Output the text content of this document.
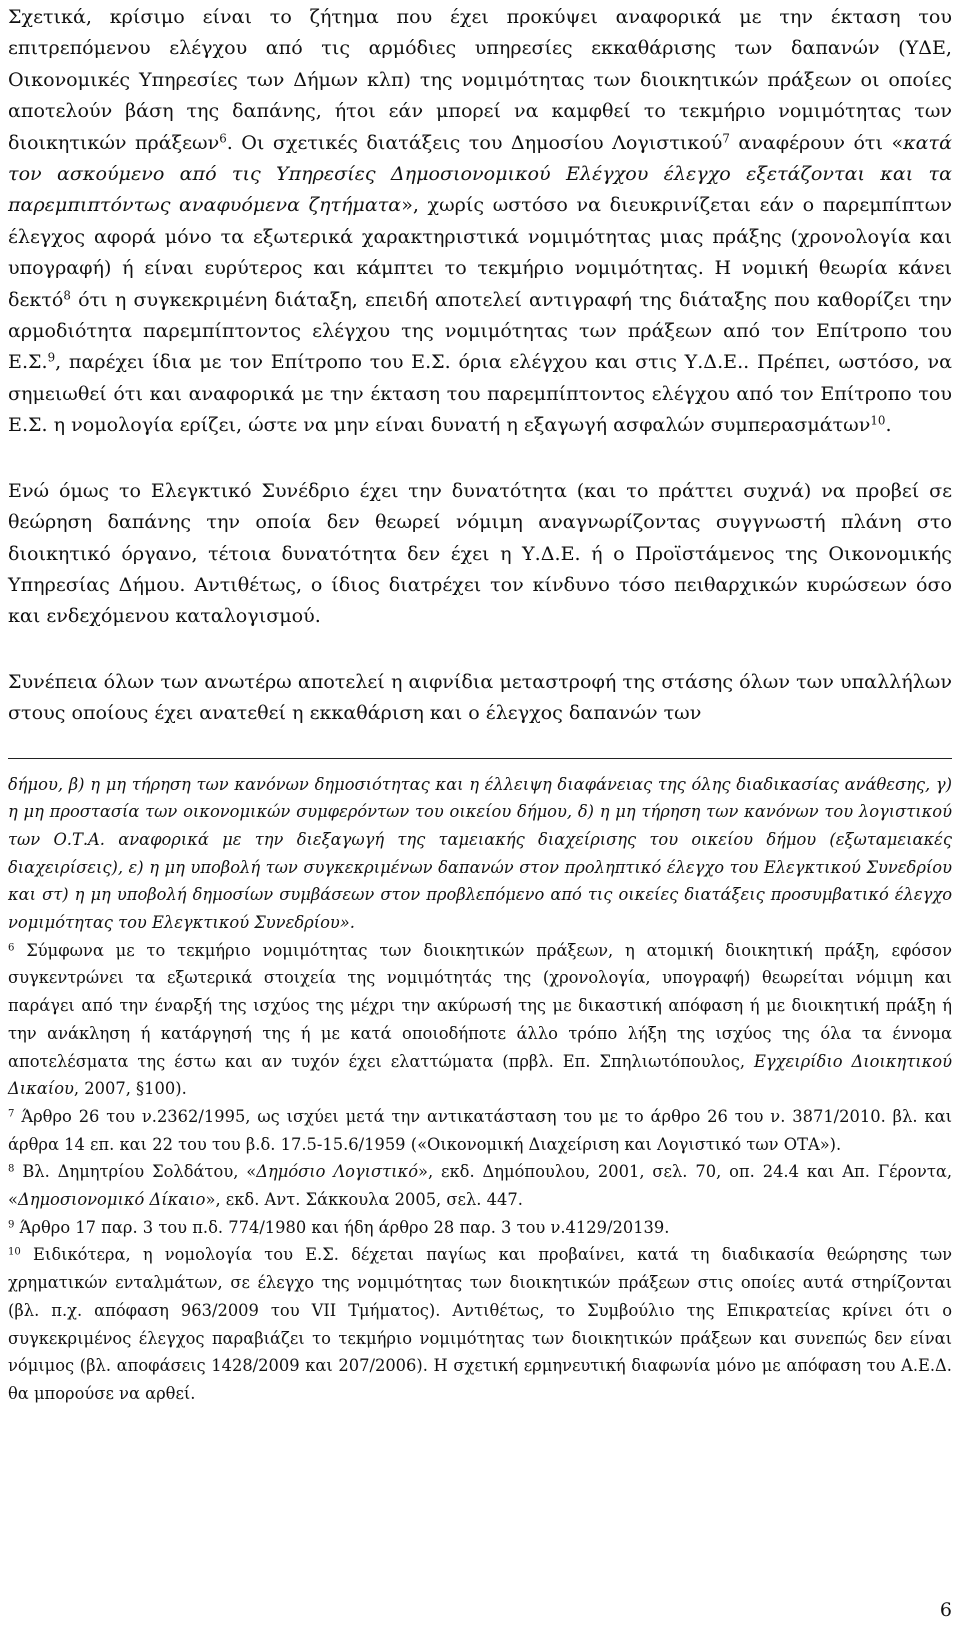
Σχετικά, κρίσιμο είναι το ζήτημα που έχει προκύψει αναφορικά με την έκταση του επιτρεπόμενου ελέγχου από τις αρμόδιες υπηρεσίες εκκαθάρισης των δαπανών (ΥΔΕ, Οικονομικές Υπηρεσίες των Δήμων κλπ) της νομιμότητας των διοικητικών πράξεων οι οποίες αποτελούν βάση της δαπάνης, ήτοι εάν μπορεί να καμφθεί το τεκμήριο νομιμότητας των διοικητικών πράξεων$^6$. Οι σχετικές διατάξεις του Δημοσίου Λογιστικού$^7$ αναφέρουν ότι «κατά τον ασκούμενο από τις Υπηρεσίες Δημοσιονομικού Ελέγχου έλεγχο εξετάζονται και τα παρεμπιπτόντως αναφυόμενα ζητήματα», χωρίς ωστόσο να διευκρινίζεται εάν ο παρεμπίπτων έλεγχος αφορά μόνο τα εξωτερικά χαρακτηριστικά νομιμότητας μιας πράξης (χρονολογία και υπογραφή) ή είναι ευρύτερος και κάμπτει το τεκμήριο νομιμότητας. Η νομική θεωρία κάνει δεκτό$^8$ ότι η συγκεκριμένη διάταξη, επειδή αποτελεί αντιγραφή της διάταξης που καθορίζει την αρμοδιότητα παρεμπίπτοντος ελέγχου της νομιμότητας των πράξεων από τον Επίτροπο του Ε.Σ.$^9$, παρέχει ίδια με τον Επίτροπο του Ε.Σ. όρια ελέγχου και στις Υ.Δ.Ε.. Πρέπει, ωστόσο, να σημειωθεί ότι και αναφορικά με την έκταση του παρεμπίπτοντος ελέγχου από τον Επίτροπο του Ε.Σ. η νομολογία ερίζει, ώστε να μην είναι δυνατή η εξαγωγή ασφαλών συμπερασμάτων$^{10}$.

Ενώ όμως το Ελεγκτικό Συνέδριο έχει την δυνατότητα (και το πράττει συχνά) να προβεί σε θεώρηση δαπάνης την οποία δεν θεωρεί νόμιμη αναγνωρίζοντας συγγνωστή πλάνη στο διοικητικό όργανο, τέτοια δυνατότητα δεν έχει η Υ.Δ.Ε. ή ο Προϊστάμενος της Οικονομικής Υπηρεσίας Δήμου. Αντιθέτως, ο ίδιος διατρέχει τον κίνδυνο τόσο πειθαρχικών κυρώσεων όσο και ενδεχόμενου καταλογισμού.

Συνέπεια όλων των ανωτέρω αποτελεί η αιφνίδια μεταστροφή της στάσης όλων των υπαλλήλων στους οποίους έχει ανατεθεί η εκκαθάριση και ο έλεγχος δαπανών των

δήμου, β) η μη τήρηση των κανόνων δημοσιότητας και η έλλειψη διαφάνειας της όλης διαδικασίας ανάθεσης, γ) η μη προστασία των οικονομικών συμφερόντων του οικείου δήμου, δ) η μη τήρηση των κανόνων του λογιστικού των Ο.Τ.Α. αναφορικά με την διεξαγωγή της ταμειακής διαχείρισης του οικείου δήμου (εξωταμειακές διαχειρίσεις), ε) η μη υποβολή των συγκεκριμένων δαπανών στον προληπτικό έλεγχο του Ελεγκτικού Συνεδρίου και στ) η μη υποβολή δημοσίων συμβάσεων στον προβλεπόμενο από τις οικείες διατάξεις προσυμβατικό έλεγχο νομιμότητας του Ελεγκτικού Συνεδρίου».

$^6$ Σύμφωνα με το τεκμήριο νομιμότητας των διοικητικών πράξεων, η ατομική διοικητική πράξη, εφόσον συγκεντρώνει τα εξωτερικά στοιχεία της νομιμότητάς της (χρονολογία, υπογραφή) θεωρείται νόμιμη και παράγει από την έναρξή της ισχύος της μέχρι την ακύρωσή της με δικαστική απόφαση ή με διοικητική πράξη ή την ανάκληση ή κατάργησή της ή με κατά οποιοδήποτε άλλο τρόπο λήξη της ισχύος της όλα τα έννομα αποτελέσματα της έστω και αν τυχόν έχει ελαττώματα (πρβλ. Επ. Σπηλιωτόπουλος, Εγχειρίδιο Διοικητικού Δικαίου, 2007, §100).

$^7$ Άρθρο 26 του ν.2362/1995, ως ισχύει μετά την αντικατάσταση του με το άρθρο 26 του ν. 3871/2010. βλ. και άρθρα 14 επ. και 22 του του β.δ. 17.5-15.6/1959 («Οικονομική Διαχείριση και Λογιστικό των ΟΤΑ»).

$^8$ Βλ. Δημητρίου Σολδάτου, «Δημόσιο Λογιστικό», εκδ. Δημόπουλου, 2001, σελ. 70, οπ. 24.4 και Απ. Γέροντα, «Δημοσιονομικό Δίκαιο», εκδ. Αντ. Σάκκουλα 2005, σελ. 447.

$^9$ Άρθρο 17 παρ. 3 του π.δ. 774/1980 και ήδη άρθρο 28 παρ. 3 του ν.4129/20139.

$^{10}$ Ειδικότερα, η νομολογία του Ε.Σ. δέχεται παγίως και προβαίνει, κατά τη διαδικασία θεώρησης των χρηματικών ενταλμάτων, σε έλεγχο της νομιμότητας των διοικητικών πράξεων στις οποίες αυτά στηρίζονται (βλ. π.χ. απόφαση 963/2009 του VII Τμήματος). Αντιθέτως, το Συμβούλιο της Επικρατείας κρίνει ότι ο συγκεκριμένος έλεγχος παραβιάζει το τεκμήριο νομιμότητας των διοικητικών πράξεων και συνεπώς δεν είναι νόμιμος (βλ. αποφάσεις 1428/2009 και 207/2006). Η σχετική ερμηνευτική διαφωνία μόνο με απόφαση του Α.Ε.Δ. θα μπορούσε να αρθεί.

6
